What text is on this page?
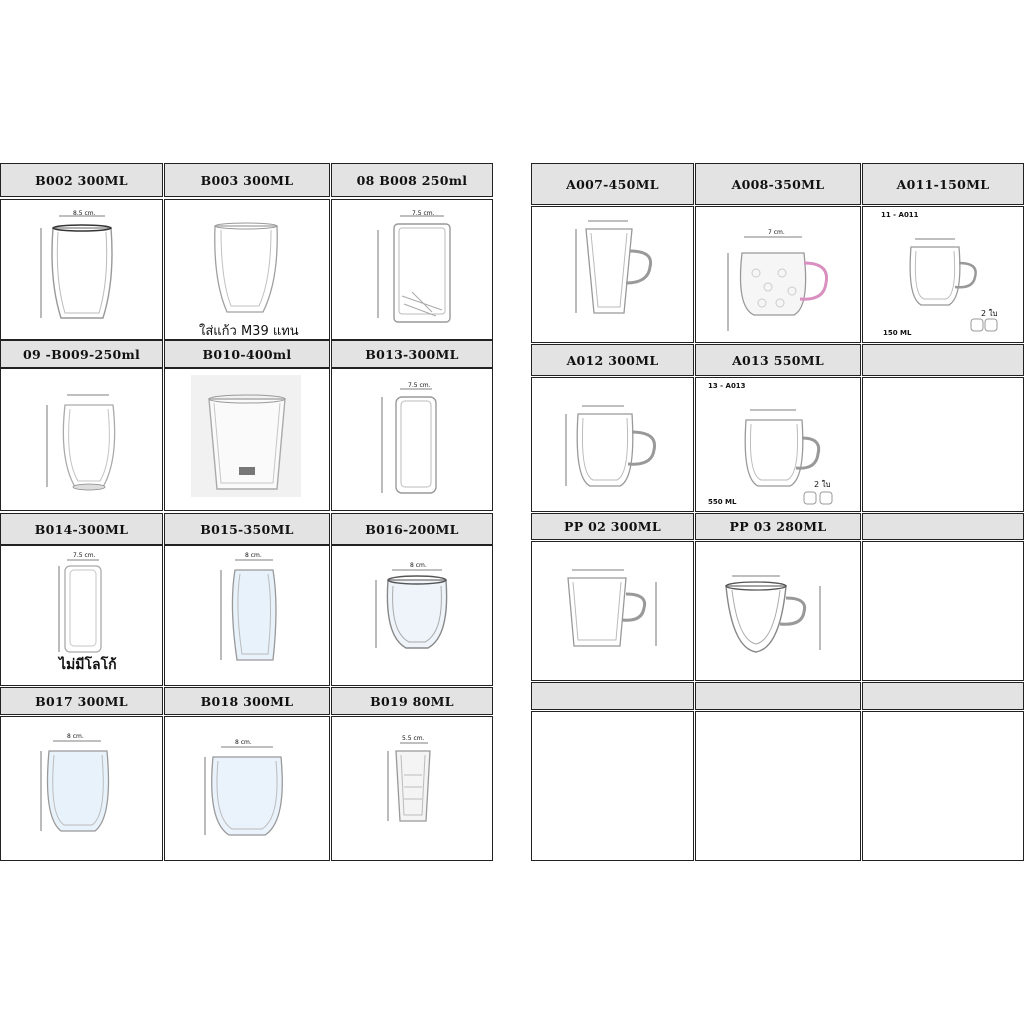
B002 300ML	B003 300ML	08 B008 250ml
8.5 cm.
ใส่แก้ว M39 แทน
7.5 cm.
09 -B009-250ml	B010-400ml	B013-300ML
7.5 cm.
B014-300ML	B015-350ML	B016-200ML
7.5 cm.
ไม่มีโลโก้
8 cm.
8 cm.
B017 300ML	B018 300ML	B019 80ML
8 cm.
8 cm.
5.5 cm.
A007-450ML	A008-350ML	A011-150ML
7 cm.
11 - A011
150 ML
2 ใบ
A012 300ML	A013 550ML
13 - A013
550 ML
2 ใบ
PP 02 300ML	PP 03 280ML
